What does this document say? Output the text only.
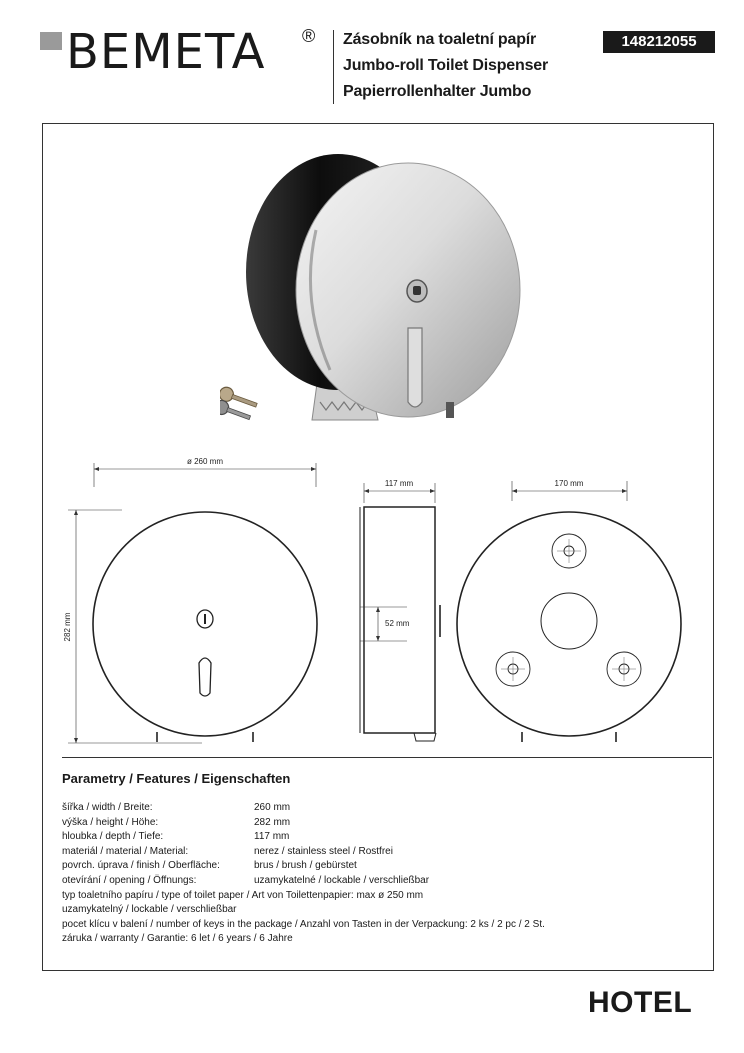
BEMETA ® Zásobník na toaletní papír
Jumbo-roll Toilet Dispenser
Papierrollenhalter Jumbo
148212055
ø 260 mm
282 mm
117 mm
52 mm
170 mm
Parametry / Features / Eigenschaften
šířka / width / Breite:	260 mm
výška / height / Höhe:	282 mm
hloubka / depth / Tiefe:	117 mm
materiál / material / Material:	nerez / stainless steel / Rostfrei
povrch. úprava / finish / Oberfläche:	brus / brush / gebürstet
otevírání / opening / Öffnungs:	uzamykatelné / lockable / verschließbar
typ toaletního papíru / type of toilet paper / Art von Toilettenpapier: max ø 250 mm
uzamykatelný / lockable / verschließbar
pocet klícu v balení / number of keys in the package / Anzahl von Tasten in der Verpackung: 2 ks / 2 pc / 2 St.
záruka / warranty / Garantie: 6 let / 6 years / 6 Jahre
HOTEL
